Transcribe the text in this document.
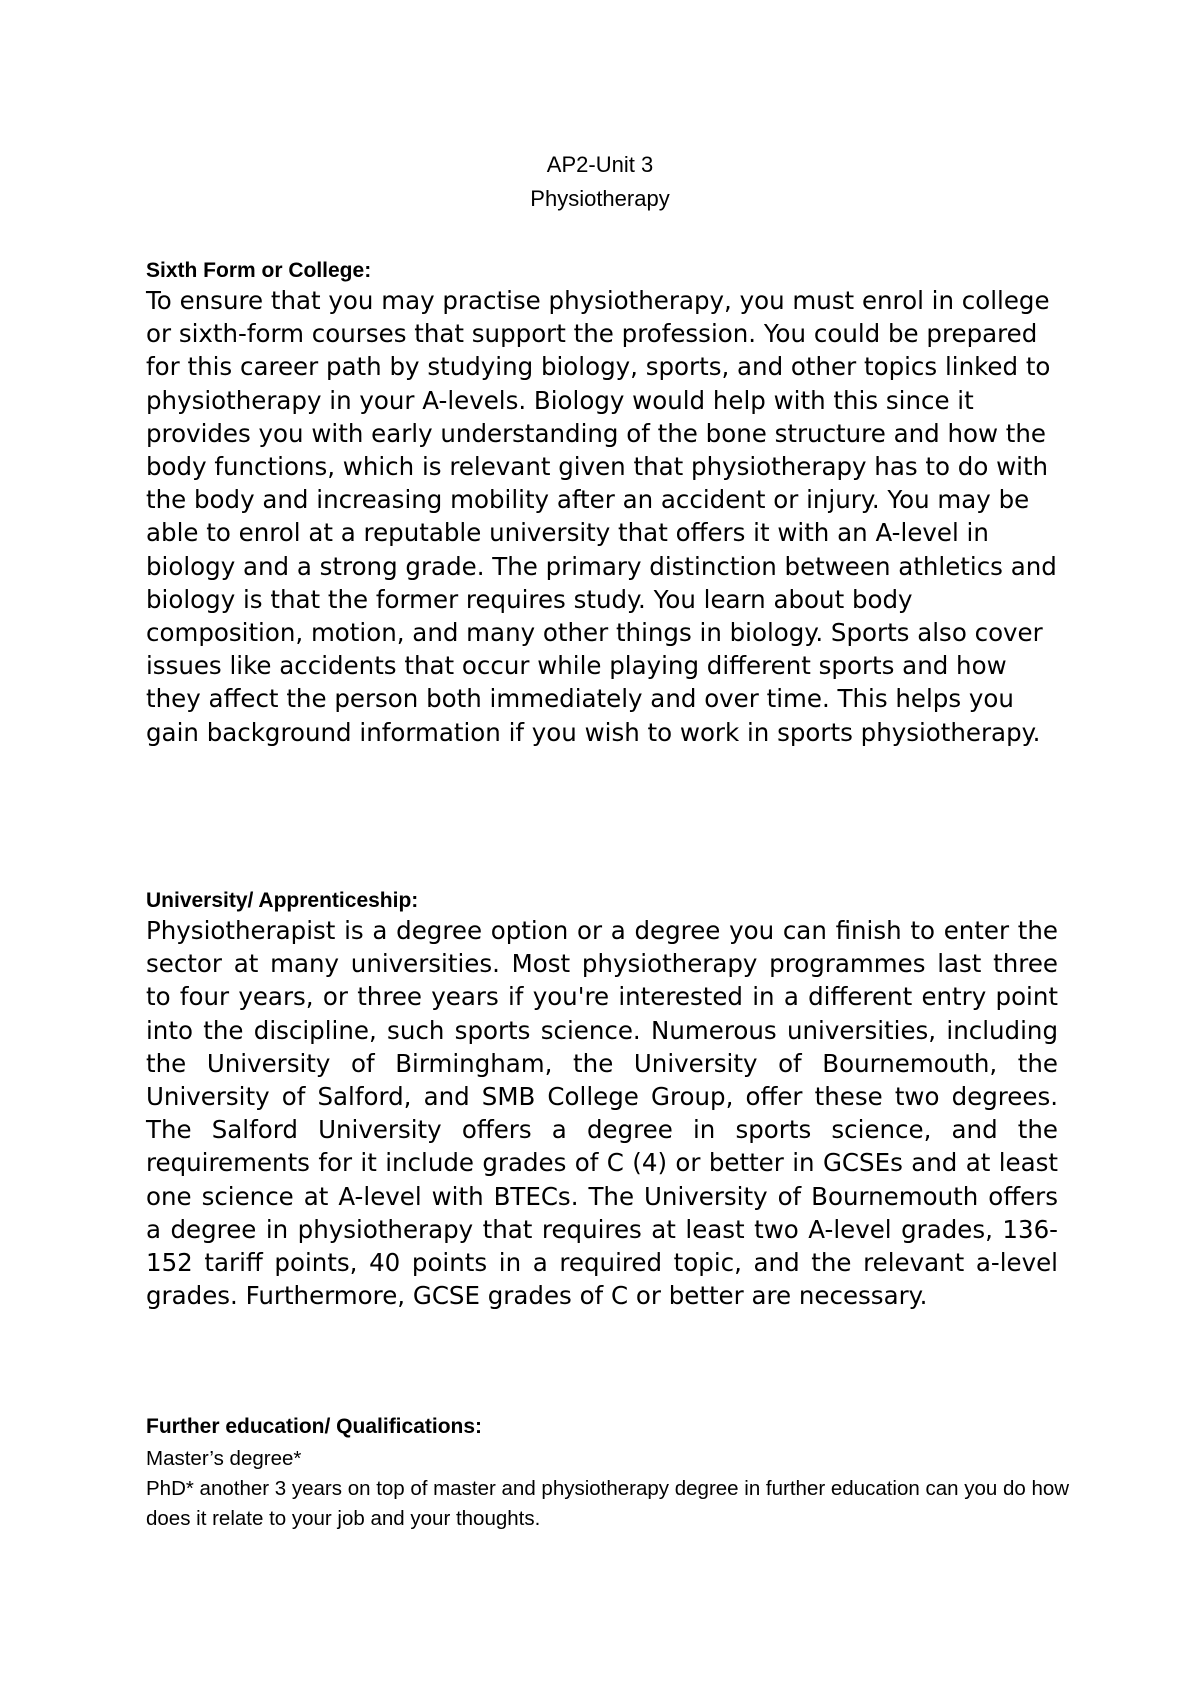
AP2-Unit 3
Physiotherapy
Sixth Form or College:

To ensure that you may practise physiotherapy, you must enrol in college or sixth-form courses that support the profession. You could be prepared for this career path by studying biology, sports, and other topics linked to physiotherapy in your A-levels. Biology would help with this since it provides you with early understanding of the bone structure and how the body functions, which is relevant given that physiotherapy has to do with the body and increasing mobility after an accident or injury. You may be able to enrol at a reputable university that offers it with an A-level in biology and a strong grade. The primary distinction between athletics and biology is that the former requires study. You learn about body composition, motion, and many other things in biology. Sports also cover issues like accidents that occur while playing different sports and how they affect the person both immediately and over time. This helps you gain background information if you wish to work in sports physiotherapy.

University/ Apprenticeship:

Physiotherapist is a degree option or a degree you can finish to enter the sector at many universities. Most physiotherapy programmes last three to four years, or three years if you're interested in a different entry point into the discipline, such sports science. Numerous universities, including the University of Birmingham, the University of Bournemouth, the University of Salford, and SMB College Group, offer these two degrees. The Salford University offers a degree in sports science, and the requirements for it include grades of C (4) or better in GCSEs and at least one science at A-level with BTECs. The University of Bournemouth offers a degree in physiotherapy that requires at least two A-level grades, 136-152 tariff points, 40 points in a required topic, and the relevant a-level grades. Furthermore, GCSE grades of C or better are necessary.

Further education/ Qualifications:

Master’s degree*

PhD* another 3 years on top of master and physiotherapy degree in further education can you do how does it relate to your job and your thoughts.
